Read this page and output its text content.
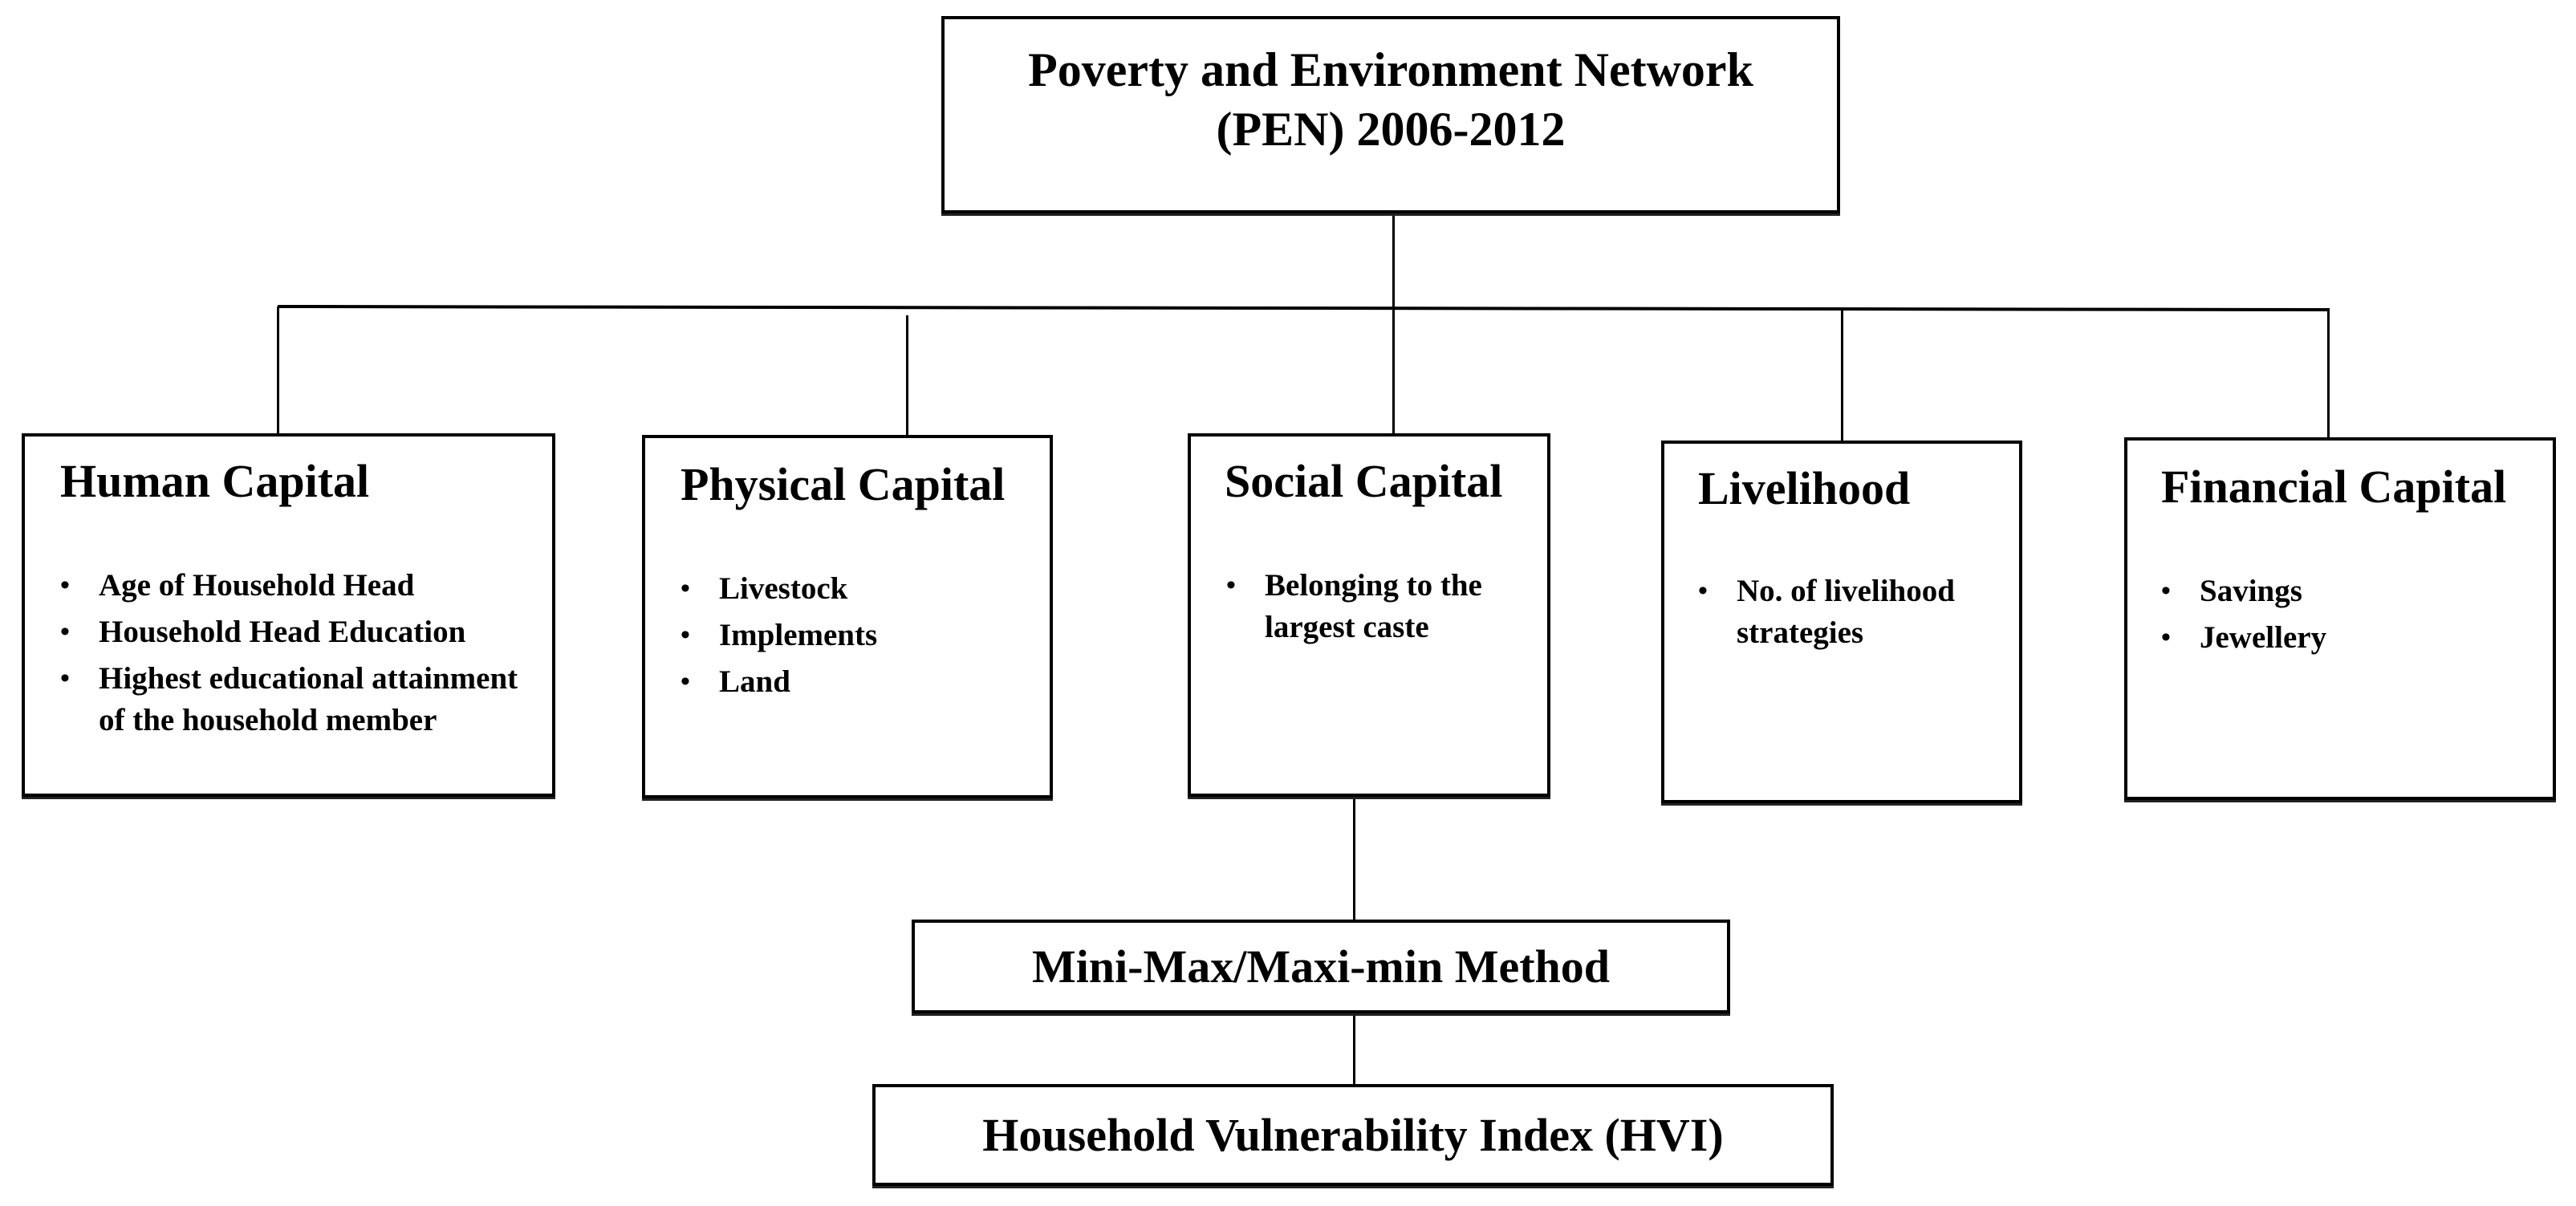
Poverty and Environment Network
(PEN) 2006-2012
Human Capital
• Age of Household Head
• Household Head Education
• Highest educational attainment of the household member
Physical Capital
• Livestock
• Implements
• Land
Social Capital
• Belonging to the largest caste
Livelihood
• No. of livelihood strategies
Financial Capital
• Savings
• Jewellery
Mini-Max/Maxi-min Method
Household Vulnerability Index (HVI)
